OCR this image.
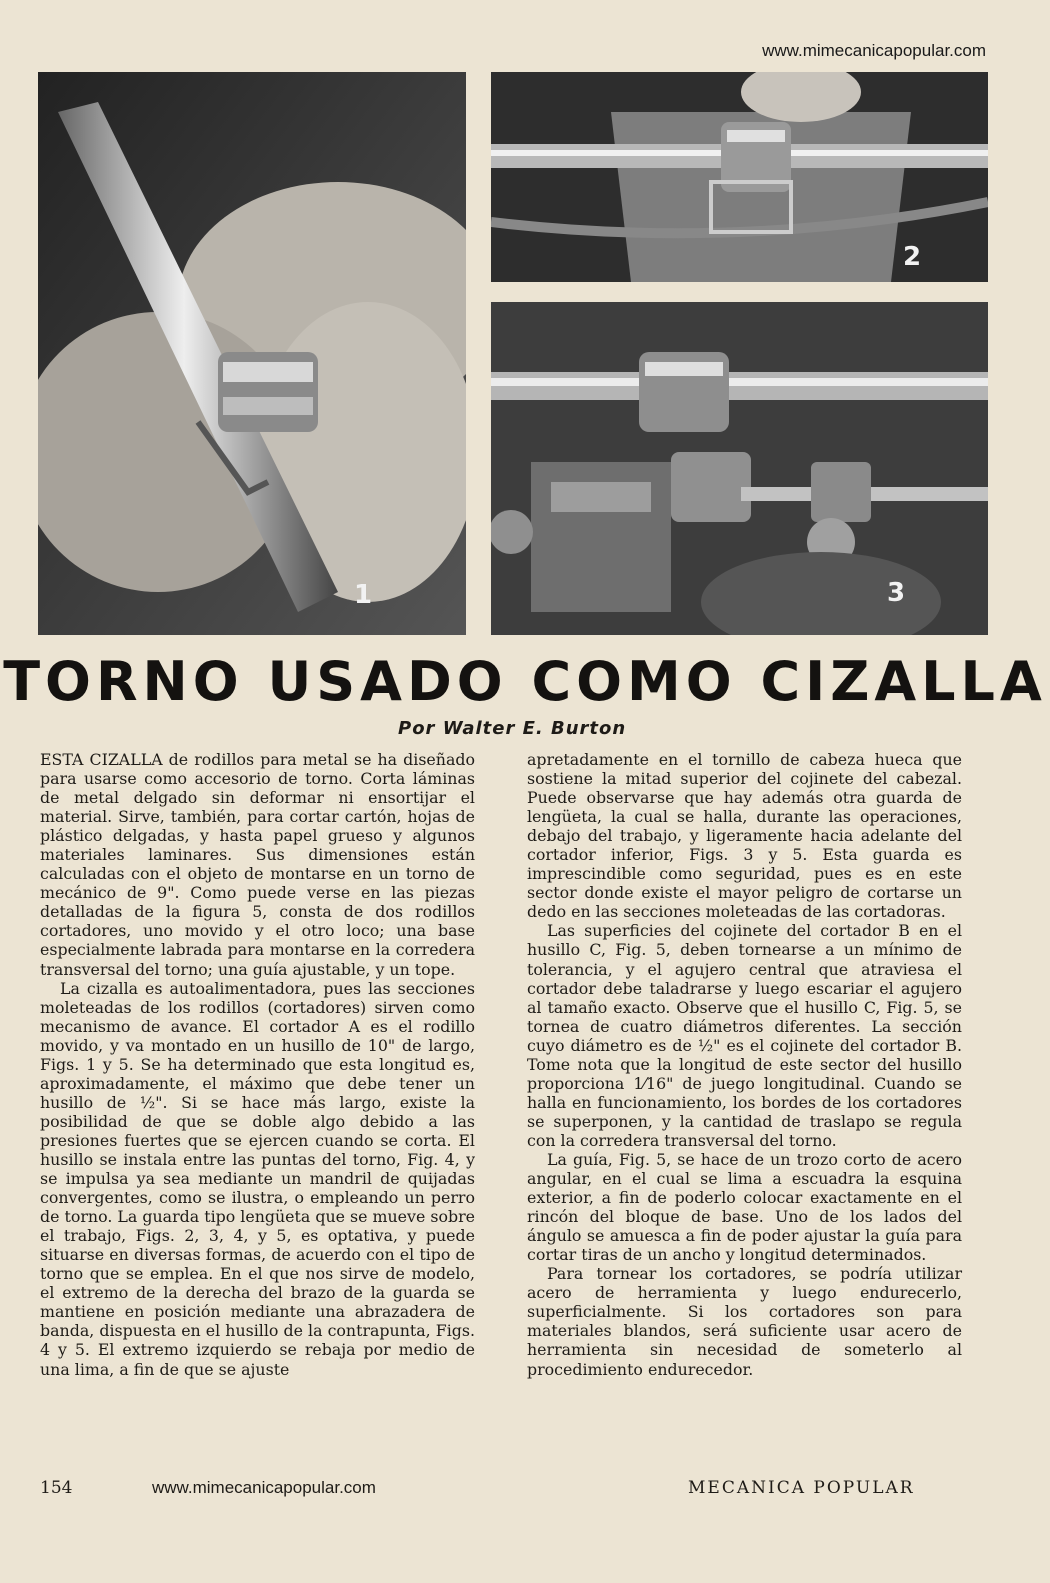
www.mimecanicapopular.com
1
2
3
TORNO USADO COMO CIZALLA
Por Walter E. Burton

ESTA CIZALLA de rodillos para metal se ha diseñado para usarse como accesorio de torno. Corta láminas de metal delgado sin deformar ni ensortijar el material. Sirve, también, para cortar cartón, hojas de plástico delgadas, y hasta papel grueso y algunos materiales laminares. Sus dimensiones están calculadas con el objeto de montarse en un torno de mecánico de 9". Como puede verse en las piezas detalladas de la figura 5, consta de dos rodillos cortadores, uno movido y el otro loco; una base especialmente labrada para montarse en la corredera transversal del torno; una guía ajustable, y un tope.

La cizalla es autoalimentadora, pues las secciones moleteadas de los rodillos (cortadores) sirven como mecanismo de avance. El cortador A es el rodillo movido, y va montado en un husillo de 10" de largo, Figs. 1 y 5. Se ha determinado que esta longitud es, aproximadamente, el máximo que debe tener un husillo de ½". Si se hace más largo, existe la posibilidad de que se doble algo debido a las presiones fuertes que se ejercen cuando se corta. El husillo se instala entre las puntas del torno, Fig. 4, y se impulsa ya sea mediante un mandril de quijadas convergentes, como se ilustra, o empleando un perro de torno. La guarda tipo lengüeta que se mueve sobre el trabajo, Figs. 2, 3, 4, y 5, es optativa, y puede situarse en diversas formas, de acuerdo con el tipo de torno que se emplea. En el que nos sirve de modelo, el extremo de la derecha del brazo de la guarda se mantiene en posición mediante una abrazadera de banda, dispuesta en el husillo de la contrapunta, Figs. 4 y 5. El extremo izquierdo se rebaja por medio de una lima, a fin de que se ajuste

apretadamente en el tornillo de cabeza hueca que sostiene la mitad superior del cojinete del cabezal. Puede observarse que hay además otra guarda de lengüeta, la cual se halla, durante las operaciones, debajo del trabajo, y ligeramente hacia adelante del cortador inferior, Figs. 3 y 5. Esta guarda es imprescindible como seguridad, pues es en este sector donde existe el mayor peligro de cortarse un dedo en las secciones moleteadas de las cortadoras.

Las superficies del cojinete del cortador B en el husillo C, Fig. 5, deben tornearse a un mínimo de tolerancia, y el agujero central que atraviesa el cortador debe taladrarse y luego escariar el agujero al tamaño exacto. Observe que el husillo C, Fig. 5, se tornea de cuatro diámetros diferentes. La sección cuyo diámetro es de ½" es el cojinete del cortador B. Tome nota que la longitud de este sector del husillo proporciona 1⁄16" de juego longitudinal. Cuando se halla en funcionamiento, los bordes de los cortadores se superponen, y la cantidad de traslapo se regula con la corredera transversal del torno.

La guía, Fig. 5, se hace de un trozo corto de acero angular, en el cual se lima a escuadra la esquina exterior, a fin de poderlo colocar exactamente en el rincón del bloque de base. Uno de los lados del ángulo se amuesca a fin de poder ajustar la guía para cortar tiras de un ancho y longitud determinados.

Para tornear los cortadores, se podría utilizar acero de herramienta y luego endurecerlo, superficialmente. Si los cortadores son para materiales blandos, será suficiente usar acero de herramienta sin necesidad de someterlo al procedimiento endurecedor.

154	www.mimecanicapopular.com	MECANICA POPULAR
